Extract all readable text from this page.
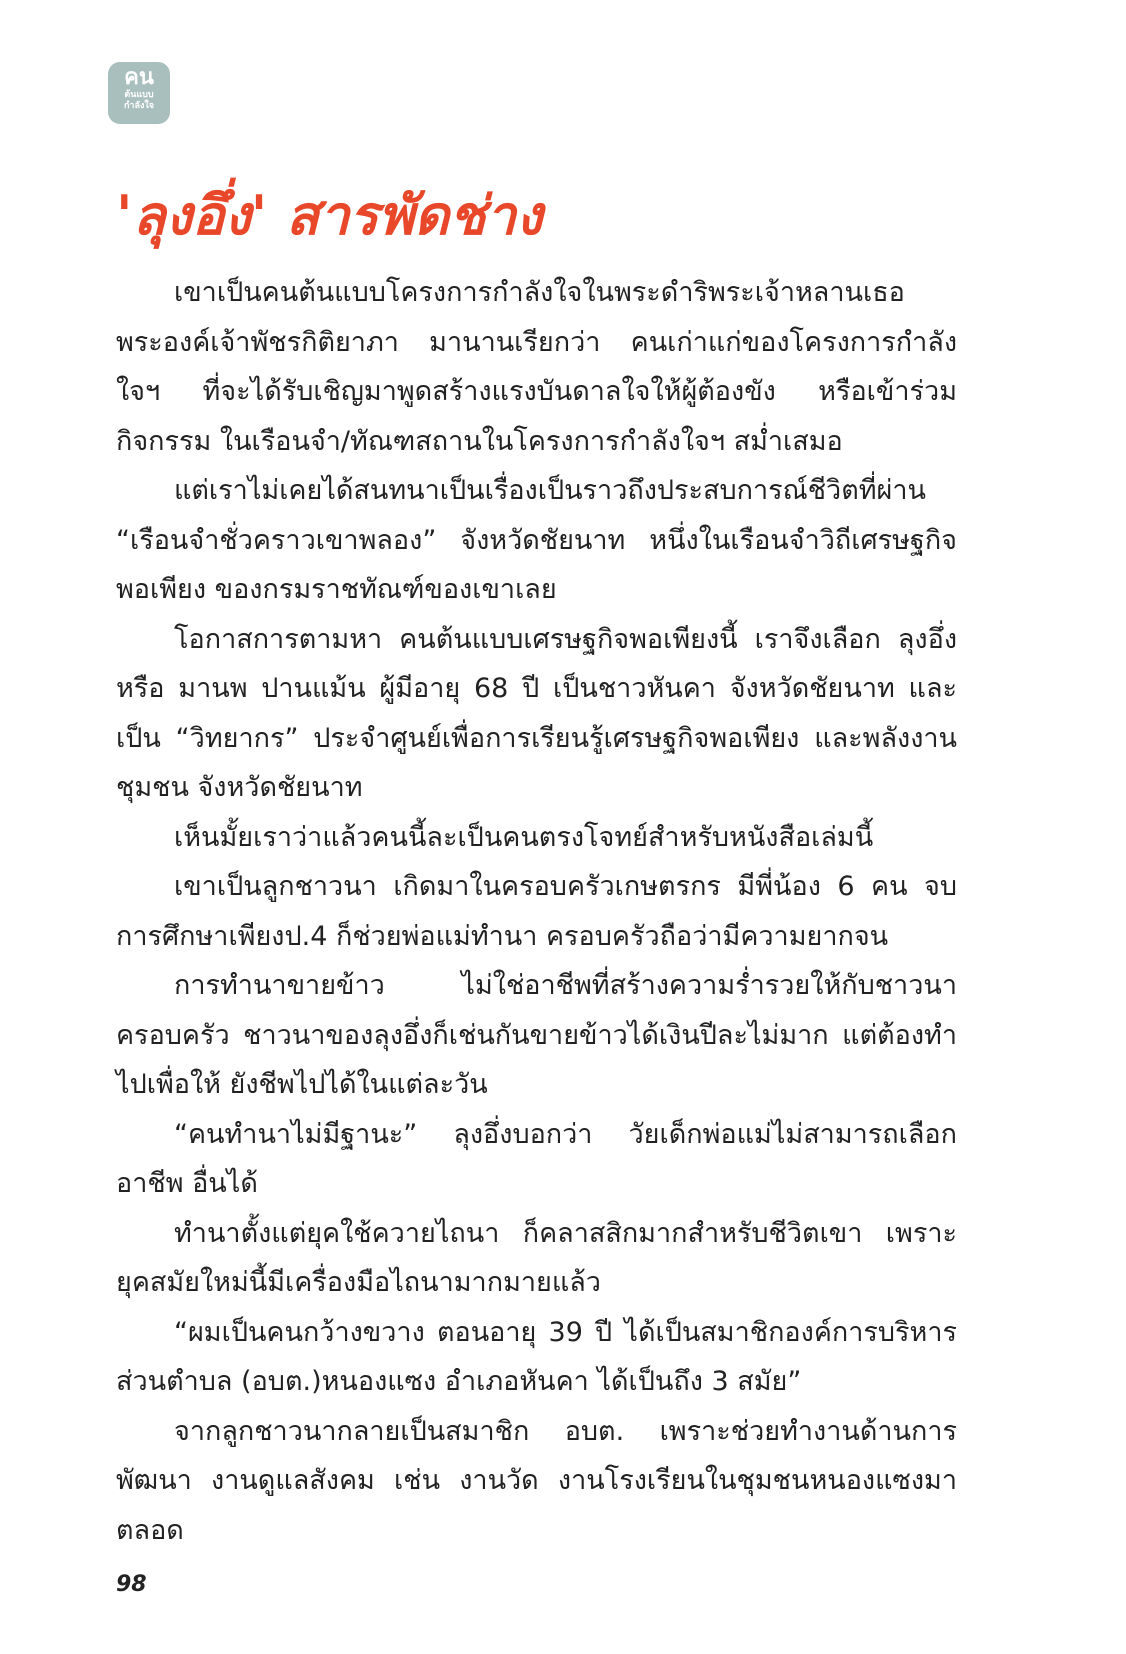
คน
ต้นแบบ
กำลังใจ
'ลุงอึ่ง' สารพัดช่าง

เขาเป็นคนต้นแบบโครงการกำลังใจในพระดำริพระเจ้าหลานเธอ พระองค์เจ้าพัชรกิติยาภา มานานเรียกว่า คนเก่าแก่ของโครงการกำลังใจฯ ที่จะได้รับเชิญมาพูดสร้างแรงบันดาลใจให้ผู้ต้องขัง หรือเข้าร่วมกิจกรรม ในเรือนจำ/ทัณฑสถานในโครงการกำลังใจฯ สม่ำเสมอ

แต่เราไม่เคยได้สนทนาเป็นเรื่องเป็นราวถึงประสบการณ์ชีวิตที่ผ่าน “เรือนจำชั่วคราวเขาพลอง” จังหวัดชัยนาท หนึ่งในเรือนจำวิถีเศรษฐกิจพอเพียง ของกรมราชทัณฑ์ของเขาเลย

โอกาสการตามหา คนต้นแบบเศรษฐกิจพอเพียงนี้ เราจึงเลือก ลุงอึ่ง หรือ มานพ ปานแม้น ผู้มีอายุ 68 ปี เป็นชาวหันคา จังหวัดชัยนาท และเป็น “วิทยากร” ประจำศูนย์เพื่อการเรียนรู้เศรษฐกิจพอเพียง และพลังงานชุมชน จังหวัดชัยนาท

เห็นมั้ยเราว่าแล้วคนนี้ละเป็นคนตรงโจทย์สำหรับหนังสือเล่มนี้

เขาเป็นลูกชาวนา เกิดมาในครอบครัวเกษตรกร มีพี่น้อง 6 คน จบการศึกษาเพียงป.4 ก็ช่วยพ่อแม่ทำนา ครอบครัวถือว่ามีความยากจน

การทำนาขายข้าว ไม่ใช่อาชีพที่สร้างความร่ำรวยให้กับชาวนา ครอบครัว ชาวนาของลุงอึ่งก็เช่นกันขายข้าวได้เงินปีละไม่มาก แต่ต้องทำไปเพื่อให้ ยังชีพไปได้ในแต่ละวัน

“คนทำนาไม่มีฐานะ” ลุงอึ่งบอกว่า วัยเด็กพ่อแม่ไม่สามารถเลือกอาชีพ อื่นได้

ทำนาตั้งแต่ยุคใช้ควายไถนา ก็คลาสสิกมากสำหรับชีวิตเขา เพราะ ยุคสมัยใหม่นี้มีเครื่องมือไถนามากมายแล้ว

“ผมเป็นคนกว้างขวาง ตอนอายุ 39 ปี ได้เป็นสมาชิกองค์การบริหาร ส่วนตำบล (อบต.)หนองแซง อำเภอหันคา ได้เป็นถึง 3 สมัย”

จากลูกชาวนากลายเป็นสมาชิก อบต. เพราะช่วยทำงานด้านการพัฒนา งานดูแลสังคม เช่น งานวัด งานโรงเรียนในชุมชนหนองแซงมาตลอด

98
